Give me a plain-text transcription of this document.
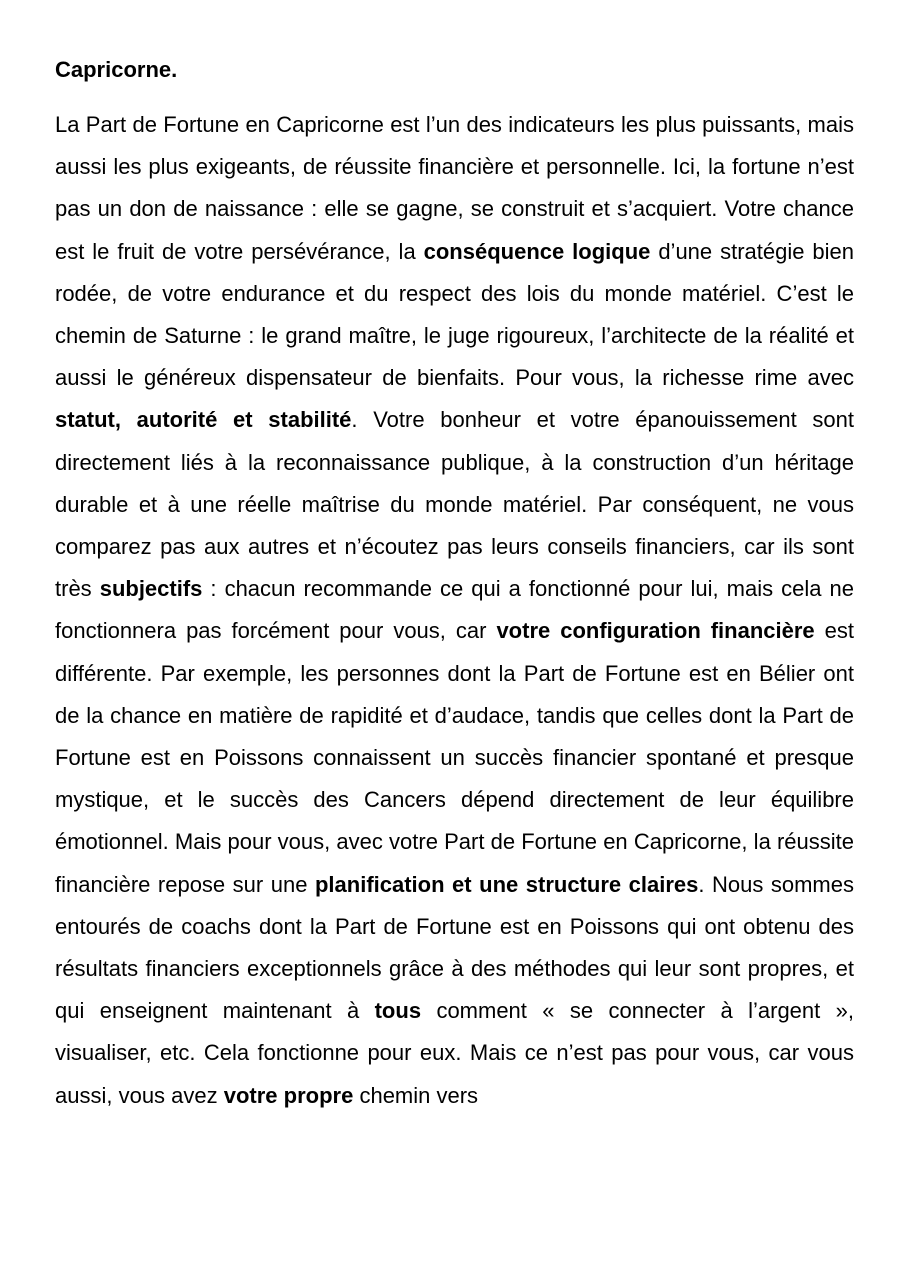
Capricorne.

La Part de Fortune en Capricorne est l’un des indicateurs les plus puissants, mais aussi les plus exigeants, de réussite financière et personnelle. Ici, la fortune n’est pas un don de naissance : elle se gagne, se construit et s’acquiert. Votre chance est le fruit de votre persévérance, la conséquence logique d’une stratégie bien rodée, de votre endurance et du respect des lois du monde matériel. C’est le chemin de Saturne : le grand maître, le juge rigoureux, l’architecte de la réalité et aussi le généreux dispensateur de bienfaits. Pour vous, la richesse rime avec statut, autorité et stabilité. Votre bonheur et votre épanouissement sont directement liés à la reconnaissance publique, à la construction d’un héritage durable et à une réelle maîtrise du monde matériel. Par conséquent, ne vous comparez pas aux autres et n’écoutez pas leurs conseils financiers, car ils sont très subjectifs : chacun recommande ce qui a fonctionné pour lui, mais cela ne fonctionnera pas forcément pour vous, car votre configuration financière est différente. Par exemple, les personnes dont la Part de Fortune est en Bélier ont de la chance en matière de rapidité et d’audace, tandis que celles dont la Part de Fortune est en Poissons connaissent un succès financier spontané et presque mystique, et le succès des Cancers dépend directement de leur équilibre émotionnel. Mais pour vous, avec votre Part de Fortune en Capricorne, la réussite financière repose sur une planification et une structure claires. Nous sommes entourés de coachs dont la Part de Fortune est en Poissons qui ont obtenu des résultats financiers exceptionnels grâce à des méthodes qui leur sont propres, et qui enseignent maintenant à tous comment « se connecter à l’argent », visualiser, etc. Cela fonctionne pour eux. Mais ce n’est pas pour vous, car vous aussi, vous avez votre propre chemin vers
